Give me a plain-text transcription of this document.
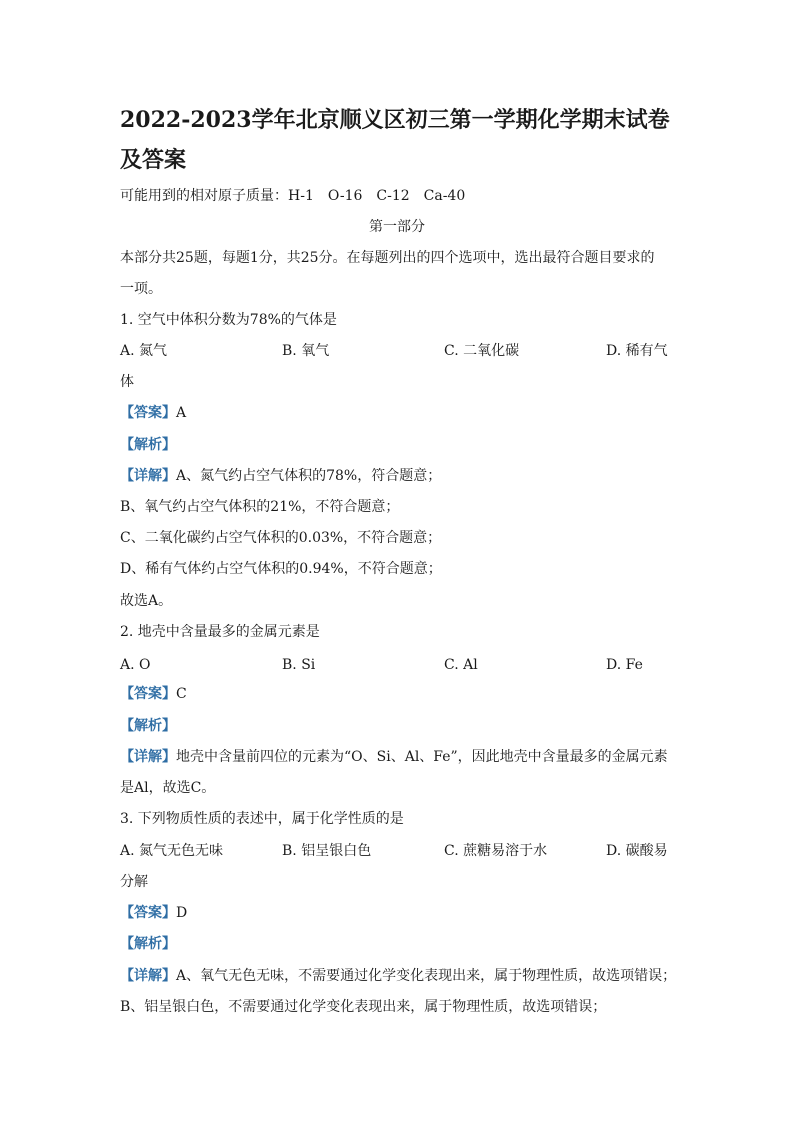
2022-2023学年北京顺义区初三第一学期化学期末试卷及答案
可能用到的相对原子质量：H-1　O-16　C-12　Ca-40
第一部分
本部分共25题，每题1分，共25分。在每题列出的四个选项中，选出最符合题目要求的
一项。
1. 空气中体积分数为78%的气体是
A. 氮气	B. 氧气	C. 二氧化碳	D. 稀有气
体
【答案】A
【解析】
【详解】A、氮气约占空气体积的78%，符合题意；
B、氧气约占空气体积的21%，不符合题意；
C、二氧化碳约占空气体积的0.03%，不符合题意；
D、稀有气体约占空气体积的0.94%，不符合题意；
故选A。
2. 地壳中含量最多的金属元素是
A. O	B. Si	C. Al	D. Fe
【答案】C
【解析】
【详解】地壳中含量前四位的元素为“O、Si、Al、Fe”，因此地壳中含量最多的金属元素
是Al，故选C。
3. 下列物质性质的表述中，属于化学性质的是
A. 氮气无色无味	B. 铝呈银白色	C. 蔗糖易溶于水	D. 碳酸易
分解
【答案】D
【解析】
【详解】A、氧气无色无味，不需要通过化学变化表现出来，属于物理性质，故选项错误；
B、铝呈银白色，不需要通过化学变化表现出来，属于物理性质，故选项错误；
